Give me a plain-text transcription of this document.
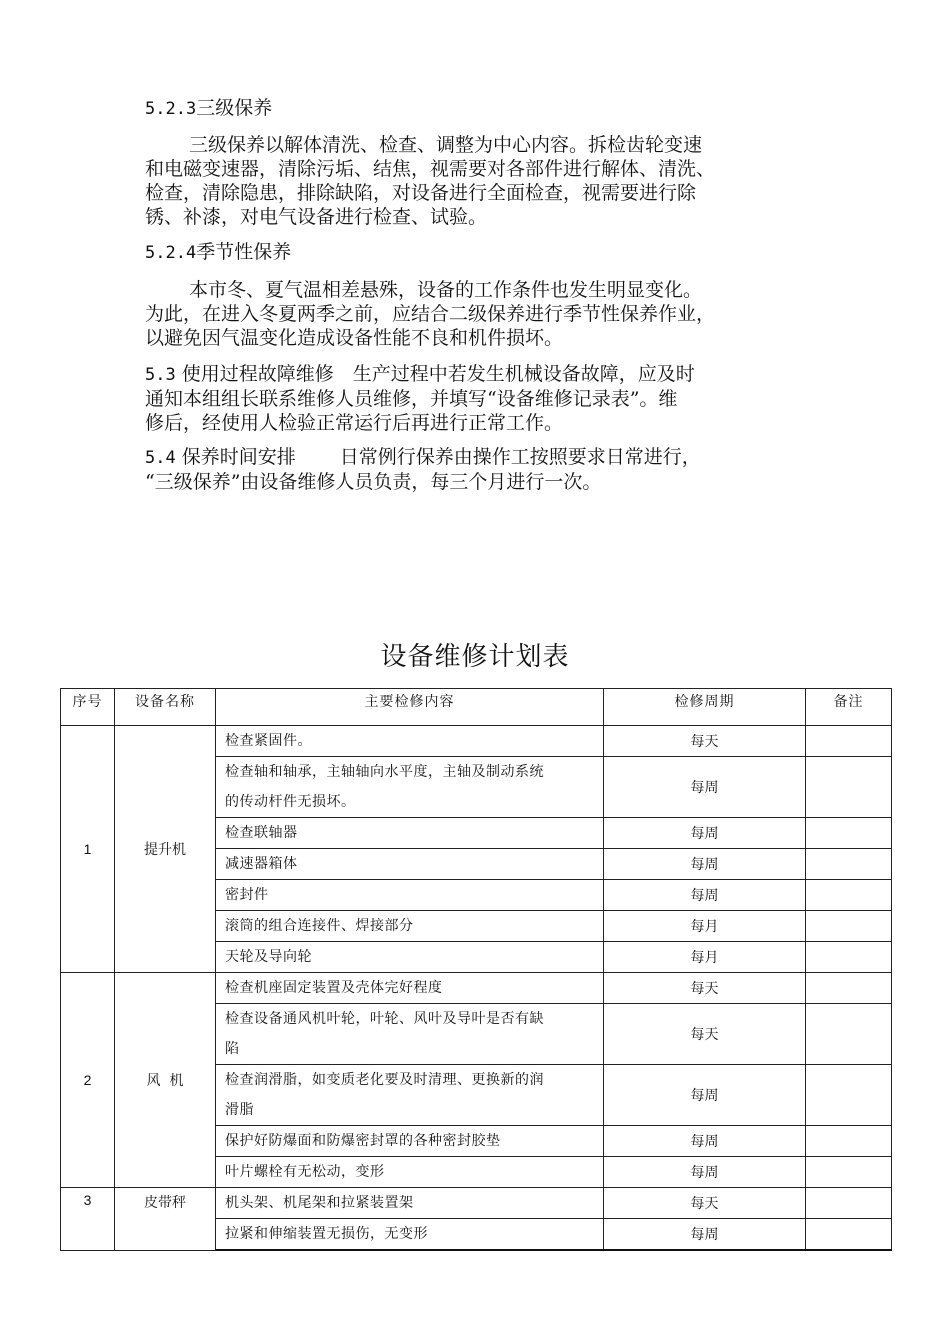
5.2.3三级保养
三级保养以解体清洗、检查、调整为中心内容。拆检齿轮变速
和电磁变速器，清除污垢、结焦，视需要对各部件进行解体、清洗、
检查，清除隐患，排除缺陷，对设备进行全面检查，视需要进行除
锈、补漆，对电气设备进行检查、试验。
5.2.4季节性保养
本市冬、夏气温相差悬殊，设备的工作条件也发生明显变化。
为此，在进入冬夏两季之前，应结合二级保养进行季节性保养作业，
以避免因气温变化造成设备性能不良和机件损坏。
5.3 使用过程故障维修　生产过程中若发生机械设备故障，应及时
通知本组组长联系维修人员维修，并填写“设备维修记录表”。维
修后，经使用人检验正常运行后再进行正常工作。
5.4 保养时间安排　　 日常例行保养由操作工按照要求日常进行，
“三级保养”由设备维修人员负责，每三个月进行一次。
设备维修计划表
序号	设备名称	主要检修内容	检修周期	备注
1	提升机	检查紧固件。	每天	

		检查轴和轴承，主轴轴向水平度，主轴及制动系统
的传动杆件无损坏。	每周	
		检查联轴器	每周	
		减速器箱体	每周	
		密封件	每周	
		滚筒的组合连接件、焊接部分	每月	
		天轮及导向轮	每月	
2	风  机	检查机座固定装置及壳体完好程度	每天	

		检查设备通风机叶轮，叶轮、风叶及导叶是否有缺
陷	每天	

		检查润滑脂，如变质老化要及时清理、更换新的润
滑脂	每周	
		保护好防爆面和防爆密封罩的各种密封胶垫	每周	
		叶片螺栓有无松动，变形	每周	
3	皮带秤	机头架、机尾架和拉紧装置架	每天	
		拉紧和伸缩装置无损伤，无变形	每周	
